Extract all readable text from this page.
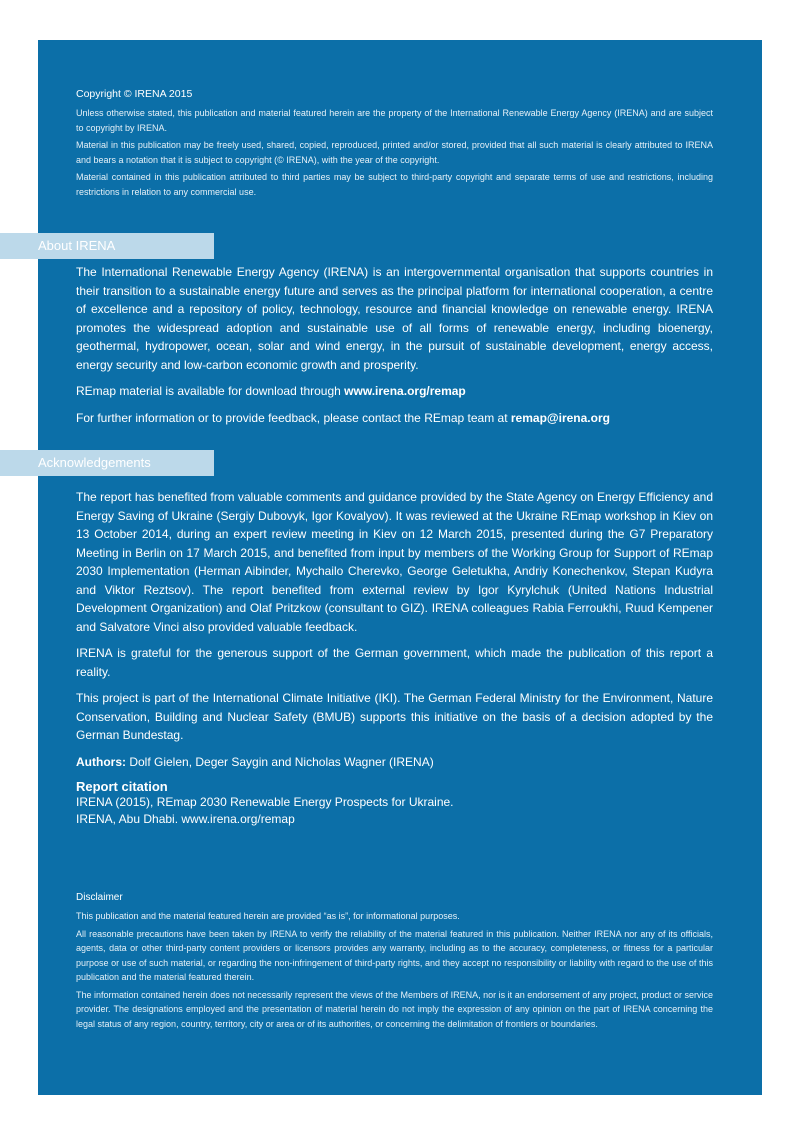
Copyright © IRENA 2015

Unless otherwise stated, this publication and material featured herein are the property of the International Renewable Energy Agency (IRENA) and are subject to copyright by IRENA.

Material in this publication may be freely used, shared, copied, reproduced, printed and/or stored, provided that all such material is clearly attributed to IRENA and bears a notation that it is subject to copyright (© IRENA), with the year of the copyright.

Material contained in this publication attributed to third parties may be subject to third-party copyright and separate terms of use and restrictions, including restrictions in relation to any commercial use.

About IRENA

The International Renewable Energy Agency (IRENA) is an intergovernmental organisation that supports countries in their transition to a sustainable energy future and serves as the principal platform for international cooperation, a centre of excellence and a repository of policy, technology, resource and financial knowledge on renewable energy. IRENA promotes the widespread adoption and sustainable use of all forms of renewable energy, including bioenergy, geothermal, hydropower, ocean, solar and wind energy, in the pursuit of sustainable development, energy access, energy security and low-carbon economic growth and prosperity.

REmap material is available for download through www.irena.org/remap

For further information or to provide feedback, please contact the REmap team at remap@irena.org

Acknowledgements

The report has benefited from valuable comments and guidance provided by the State Agency on Energy Efficiency and Energy Saving of Ukraine (Sergiy Dubovyk, Igor Kovalyov). It was reviewed at the Ukraine REmap workshop in Kiev on 13 October 2014, during an expert review meeting in Kiev on 12 March 2015, presented during the G7 Preparatory Meeting in Berlin on 17 March 2015, and benefited from input by members of the Working Group for Support of REmap 2030 Implementation (Herman Aibinder, Mychailo Cherevko, George Geletukha, Andriy Konechenkov, Stepan Kudyra and Viktor Reztsov). The report benefited from external review by Igor Kyrylchuk (United Nations Industrial Development Organization) and Olaf Pritzkow (consultant to GIZ). IRENA colleagues Rabia Ferroukhi, Ruud Kempener and Salvatore Vinci also provided valuable feedback.

IRENA is grateful for the generous support of the German government, which made the publication of this report a reality.

This project is part of the International Climate Initiative (IKI). The German Federal Ministry for the Environment, Nature Conservation, Building and Nuclear Safety (BMUB) supports this initiative on the basis of a decision adopted by the German Bundestag.

Authors: Dolf Gielen, Deger Saygin and Nicholas Wagner (IRENA)

Report citation

IRENA (2015), REmap 2030 Renewable Energy Prospects for Ukraine.

IRENA, Abu Dhabi. www.irena.org/remap

Disclaimer

This publication and the material featured herein are provided “as is”, for informational purposes.

All reasonable precautions have been taken by IRENA to verify the reliability of the material featured in this publication. Neither IRENA nor any of its officials, agents, data or other third-party content providers or licensors provides any warranty, including as to the accuracy, completeness, or fitness for a particular purpose or use of such material, or regarding the non-infringement of third-party rights, and they accept no responsibility or liability with regard to the use of this publication and the material featured therein.

The information contained herein does not necessarily represent the views of the Members of IRENA, nor is it an endorsement of any project, product or service provider. The designations employed and the presentation of material herein do not imply the expression of any opinion on the part of IRENA concerning the legal status of any region, country, territory, city or area or of its authorities, or concerning the delimitation of frontiers or boundaries.
